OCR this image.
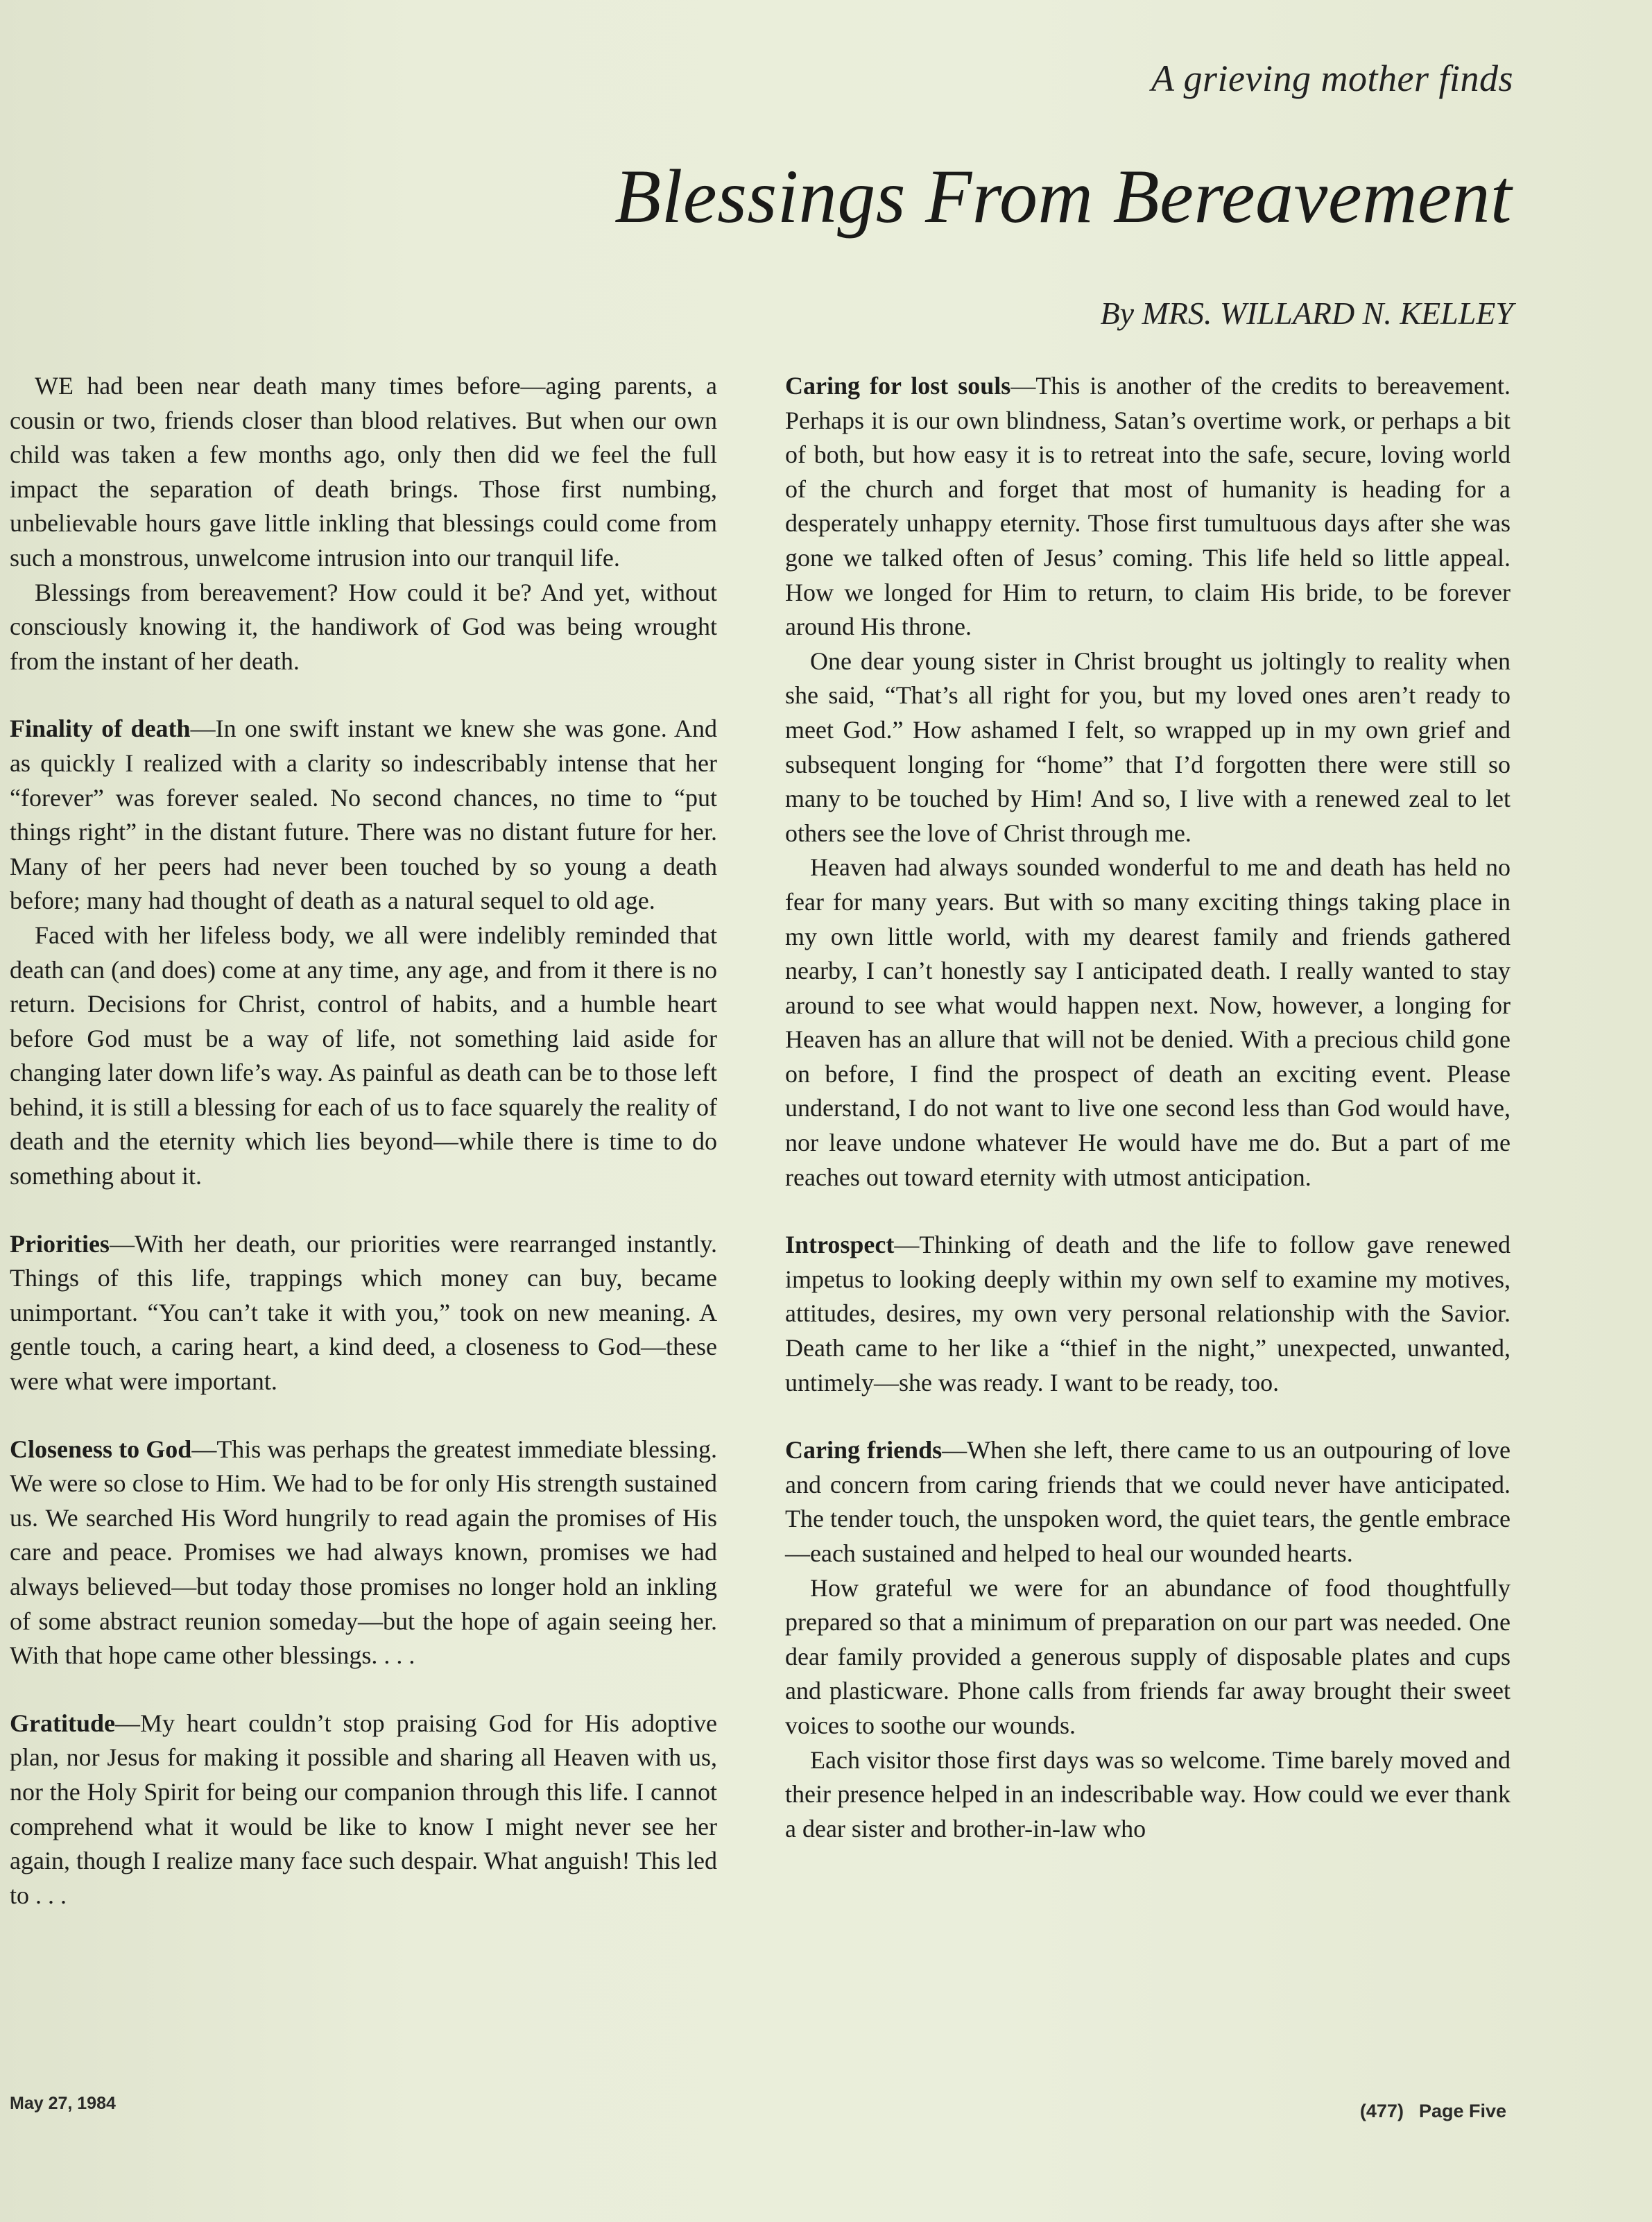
A grieving mother finds
Blessings From Bereavement
By MRS. WILLARD N. KELLEY

WE had been near death many times before—aging parents, a cousin or two, friends closer than blood relatives. But when our own child was taken a few months ago, only then did we feel the full impact the separation of death brings. Those first numbing, unbelievable hours gave little inkling that blessings could come from such a monstrous, unwelcome intrusion into our tranquil life.

Blessings from bereavement? How could it be? And yet, without consciously knowing it, the handiwork of God was being wrought from the instant of her death.

Finality of death—In one swift instant we knew she was gone. And as quickly I realized with a clarity so indescribably intense that her “forever” was forever sealed. No second chances, no time to “put things right” in the distant future. There was no distant future for her. Many of her peers had never been touched by so young a death before; many had thought of death as a natural sequel to old age.

Faced with her lifeless body, we all were indelibly reminded that death can (and does) come at any time, any age, and from it there is no return. Decisions for Christ, control of habits, and a humble heart before God must be a way of life, not something laid aside for changing later down life’s way. As painful as death can be to those left behind, it is still a blessing for each of us to face squarely the reality of death and the eternity which lies beyond—while there is time to do something about it.

Priorities—With her death, our priorities were rearranged instantly. Things of this life, trappings which money can buy, became unimportant. “You can’t take it with you,” took on new meaning. A gentle touch, a caring heart, a kind deed, a closeness to God—these were what were important.

Closeness to God—This was perhaps the greatest immediate blessing. We were so close to Him. We had to be for only His strength sustained us. We searched His Word hungrily to read again the promises of His care and peace. Promises we had always known, promises we had always believed—but today those promises no longer hold an inkling of some abstract reunion someday—but the hope of again seeing her. With that hope came other blessings. . . .

Gratitude—My heart couldn’t stop praising God for His adoptive plan, nor Jesus for making it possible and sharing all Heaven with us, nor the Holy Spirit for being our companion through this life. I cannot comprehend what it would be like to know I might never see her again, though I realize many face such despair. What anguish! This led to . . .

Caring for lost souls—This is another of the credits to bereavement. Perhaps it is our own blindness, Satan’s overtime work, or perhaps a bit of both, but how easy it is to retreat into the safe, secure, loving world of the church and forget that most of humanity is heading for a desperately unhappy eternity. Those first tumultuous days after she was gone we talked often of Jesus’ coming. This life held so little appeal. How we longed for Him to return, to claim His bride, to be forever around His throne.

One dear young sister in Christ brought us joltingly to reality when she said, “That’s all right for you, but my loved ones aren’t ready to meet God.” How ashamed I felt, so wrapped up in my own grief and subsequent longing for “home” that I’d forgotten there were still so many to be touched by Him! And so, I live with a renewed zeal to let others see the love of Christ through me.

Heaven had always sounded wonderful to me and death has held no fear for many years. But with so many exciting things taking place in my own little world, with my dearest family and friends gathered nearby, I can’t honestly say I anticipated death. I really wanted to stay around to see what would happen next. Now, however, a longing for Heaven has an allure that will not be denied. With a precious child gone on before, I find the prospect of death an exciting event. Please understand, I do not want to live one second less than God would have, nor leave undone whatever He would have me do. But a part of me reaches out toward eternity with utmost anticipation.

Introspect—Thinking of death and the life to follow gave renewed impetus to looking deeply within my own self to examine my motives, attitudes, desires, my own very personal relationship with the Savior. Death came to her like a “thief in the night,” unexpected, unwanted, untimely—she was ready. I want to be ready, too.

Caring friends—When she left, there came to us an outpouring of love and concern from caring friends that we could never have anticipated. The tender touch, the unspoken word, the quiet tears, the gentle embrace—each sustained and helped to heal our wounded hearts.

How grateful we were for an abundance of food thoughtfully prepared so that a minimum of preparation on our part was needed. One dear family provided a generous supply of disposable plates and cups and plasticware. Phone calls from friends far away brought their sweet voices to soothe our wounds.

Each visitor those first days was so welcome. Time barely moved and their presence helped in an indescribable way. How could we ever thank a dear sister and brother-in-law who

May 27, 1984	(477) Page Five
